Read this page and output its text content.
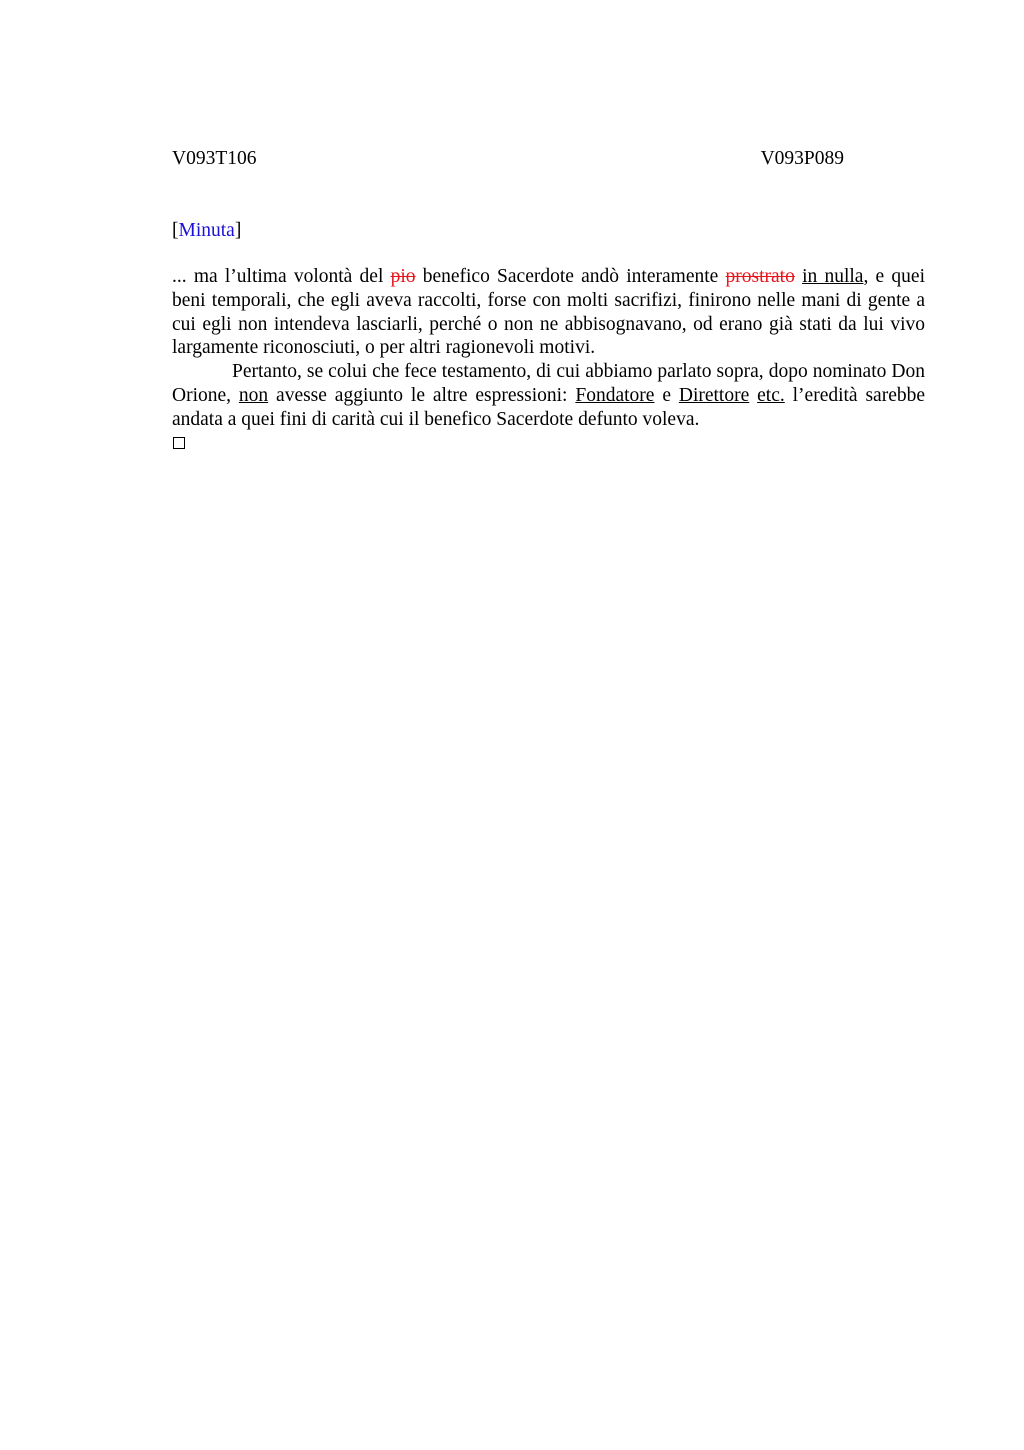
V093T106	V093P089
[Minuta]

... ma l’ultima volontà del pio benefico Sacerdote andò interamente prostrato in nulla, e quei beni temporali, che egli aveva raccolti, forse con molti sacrifizi, finirono nelle mani di gente a cui egli non intendeva lasciarli, perché o non ne abbisognavano, od erano già stati da lui vivo largamente riconosciuti, o per altri ragionevoli motivi.

Pertanto, se colui che fece testamento, di cui abbiamo parlato sopra, dopo nominato Don Orione, non avesse aggiunto le altre espressioni: Fondatore e Direttore etc. l’eredità sarebbe andata a quei fini di carità cui il benefico Sacerdote defunto voleva.
